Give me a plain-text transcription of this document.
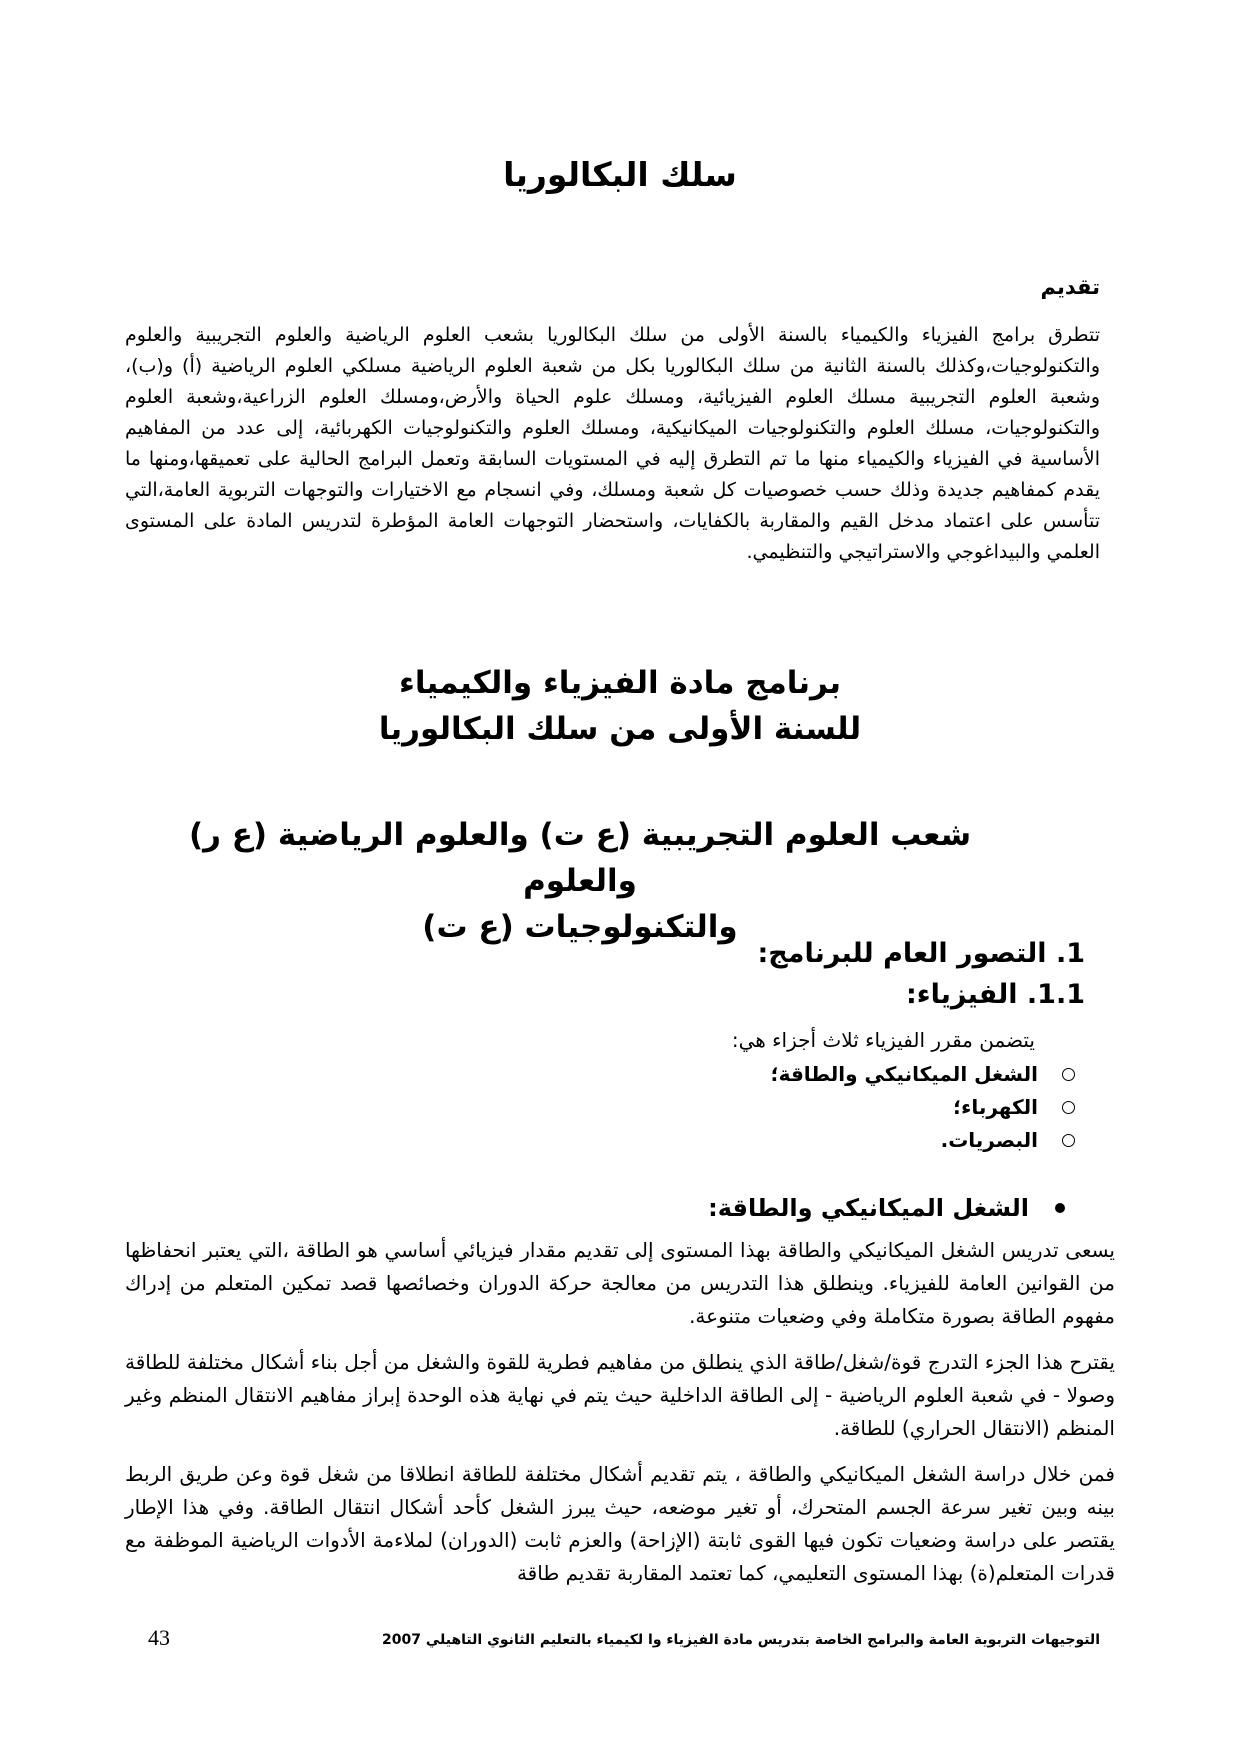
سلك البكالوريا
تقديم

تتطرق برامج الفيزياء والكيمياء بالسنة الأولى من سلك البكالوريا بشعب العلوم الرياضية والعلوم التجريبية والعلوم والتكنولوجيات،وكذلك بالسنة الثانية من سلك البكالوريا بكل من شعبة العلوم الرياضية مسلكي العلوم الرياضية (أ) و(ب)، وشعبة العلوم التجريبية مسلك العلوم الفيزيائية، ومسلك علوم الحياة والأرض،ومسلك العلوم الزراعية،وشعبة العلوم والتكنولوجيات، مسلك العلوم والتكنولوجيات الميكانيكية، ومسلك العلوم والتكنولوجيات الكهربائية، إلى عدد من المفاهيم الأساسية في الفيزياء والكيمياء منها ما تم التطرق إليه في المستويات السابقة وتعمل البرامج الحالية على تعميقها،ومنها ما يقدم كمفاهيم جديدة وذلك حسب خصوصيات كل شعبة ومسلك، وفي انسجام مع الاختيارات والتوجهات التربوية العامة،التي تتأسس على اعتماد مدخل القيم والمقاربة بالكفايات، واستحضار التوجهات العامة المؤطرة لتدريس المادة على المستوى العلمي والبيداغوجي والاستراتيجي والتنظيمي.

برنامج مادة الفيزياء والكيمياء
للسنة الأولى من سلك البكالوريا
شعب العلوم التجريبية (ع ت) والعلوم الرياضية (ع ر) والعلوم
والتكنولوجيات (ع ت)
1. التصور العام للبرنامج:
1.1. الفيزياء:

يتضمن مقرر الفيزياء ثلاث أجزاء هي:

الشغل الميكانيكي والطاقة؛
الكهرباء؛
البصريات.
الشغل الميكانيكي والطاقة:

يسعى تدريس الشغل الميكانيكي والطاقة بهذا المستوى إلى تقديم مقدار فيزيائي أساسي هو الطاقة ،التي يعتبر انحفاظها من القوانين العامة للفيزياء. وينطلق هذا التدريس من معالجة حركة الدوران وخصائصها قصد تمكين المتعلم من إدراك مفهوم الطاقة بصورة متكاملة وفي وضعيات متنوعة.

يقترح هذا الجزء التدرج قوة/شغل/طاقة الذي ينطلق من مفاهيم فطرية للقوة والشغل من أجل بناء أشكال مختلفة للطاقة وصولا - في شعبة العلوم الرياضية - إلى الطاقة الداخلية حيث يتم في نهاية هذه الوحدة إبراز مفاهيم الانتقال المنظم وغير المنظم (الانتقال الحراري) للطاقة.

فمن خلال دراسة الشغل الميكانيكي والطاقة ، يتم تقديم أشكال مختلفة للطاقة انطلاقا من شغل قوة وعن طريق الربط بينه وبين تغير سرعة الجسم المتحرك، أو تغير موضعه، حيث يبرز الشغل كأحد أشكال انتقال الطاقة. وفي هذا الإطار يقتصر على دراسة وضعيات تكون فيها القوى ثابتة (الإزاحة) والعزم ثابت (الدوران) لملاءمة الأدوات الرياضية الموظفة مع قدرات المتعلم(ة) بهذا المستوى التعليمي، كما تعتمد المقاربة تقديم طاقة

التوجيهات التربوية العامة والبرامج الخاصة بتدريس مادة الفيزياء وا لكيمياء بالتعليم الثانوي التاهيلي 2007

43
